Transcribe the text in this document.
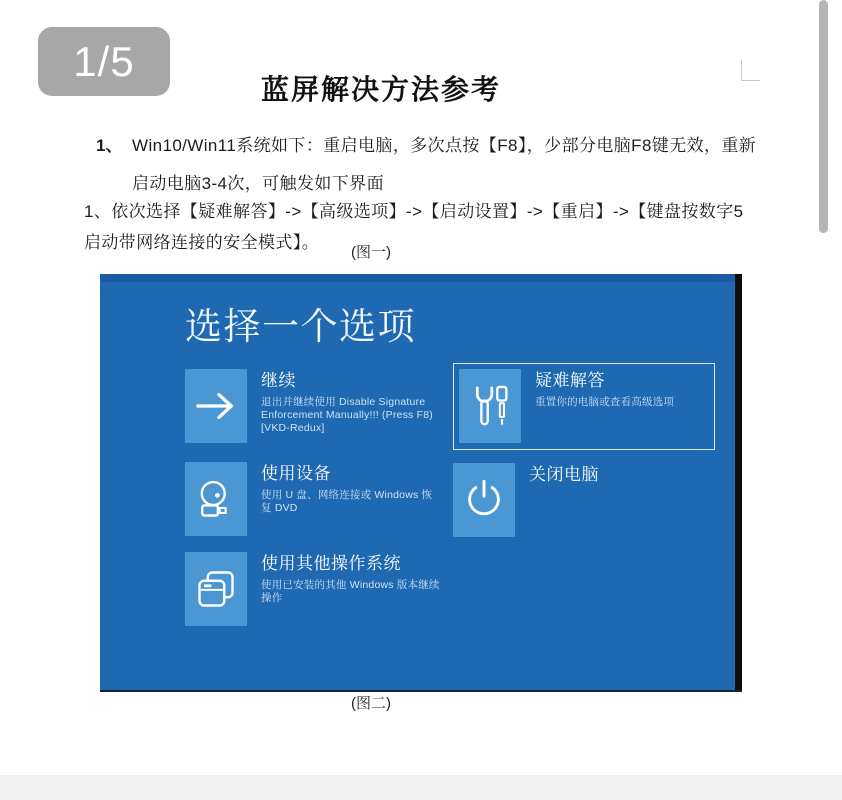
1/5
蓝屏解决方法参考
1、 Win10/Win11系统如下：重启电脑，多次点按【F8】，少部分电脑F8键无效，重新
启动电脑3-4次，可触发如下界面
1、依次选择【疑难解答】->【高级选项】->【启动设置】->【重启】->【键盘按数字5
启动带网络连接的安全模式】。
(图一)
选择一个选项
继续
退出并继续使用 Disable Signature Enforcement Manually!!! (Press F8) [VKD-Redux]
疑难解答
重置你的电脑或查看高级选项
使用设备
使用 U 盘、网络连接或 Windows 恢复 DVD
关闭电脑
使用其他操作系统
使用已安装的其他 Windows 版本继续操作
(图二)
